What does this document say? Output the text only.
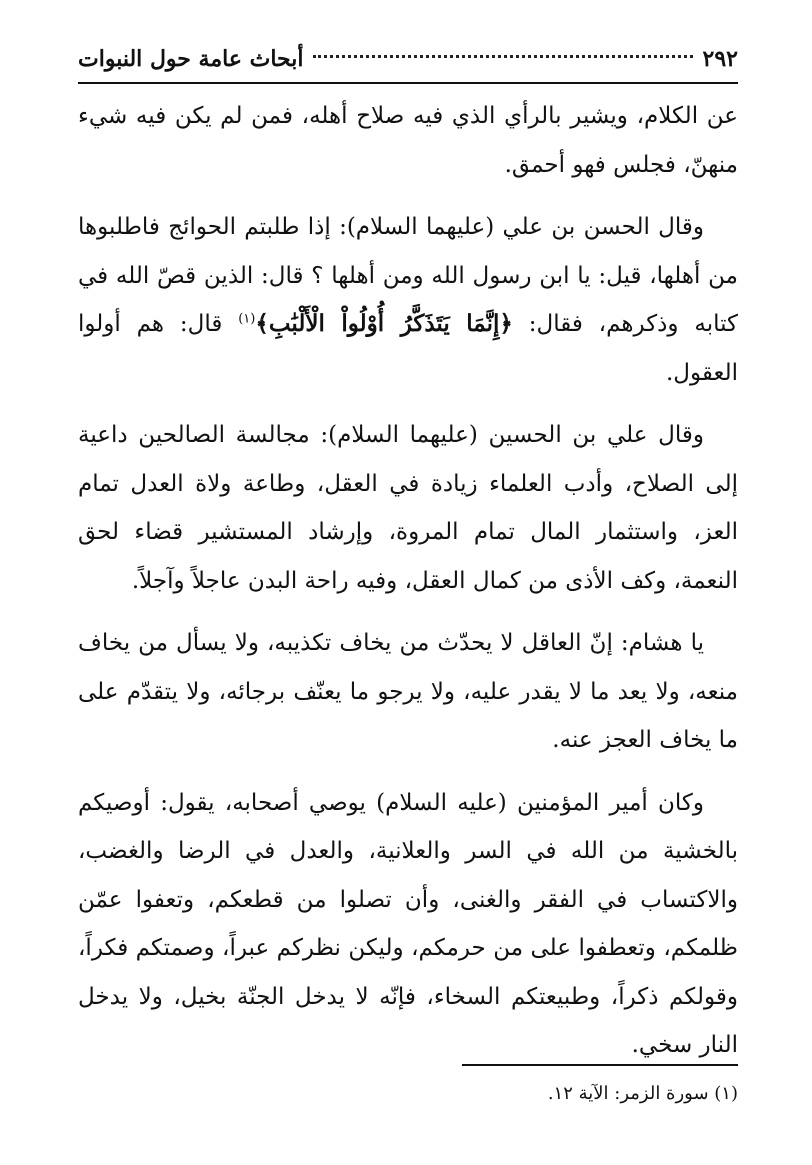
٢٩٢
أبحاث عامة حول النبوات

عن الكلام، ويشير بالرأي الذي فيه صلاح أهله، فمن لم يكن فيه شيء منهنّ، فجلس فهو أحمق.

وقال الحسن بن علي (عليهما السلام): إذا طلبتم الحوائج فاطلبوها من أهلها، قيل: يا ابن رسول الله ومن أهلها ؟ قال: الذين قصّ الله في كتابه وذكرهم، فقال: ﴿إِنَّمَا يَتَذَكَّرُ أُوْلُواْ الْأَلْبَٰبِ﴾$^{(١)}$ قال: هم أولوا العقول.

وقال علي بن الحسين (عليهما السلام): مجالسة الصالحين داعية إلى الصلاح، وأدب العلماء زيادة في العقل، وطاعة ولاة العدل تمام العز، واستثمار المال تمام المروة، وإرشاد المستشير قضاء لحق النعمة، وكف الأذى من كمال العقل، وفيه راحة البدن عاجلاً وآجلاً.

يا هشام: إنّ العاقل لا يحدّث من يخاف تكذيبه، ولا يسأل من يخاف منعه، ولا يعد ما لا يقدر عليه، ولا يرجو ما يعنّف برجائه، ولا يتقدّم على ما يخاف العجز عنه.

وكان أمير المؤمنين (عليه السلام) يوصي أصحابه، يقول: أوصيكم بالخشية من الله في السر والعلانية، والعدل في الرضا والغضب، والاكتساب في الفقر والغنى، وأن تصلوا من قطعكم، وتعفوا عمّن ظلمكم، وتعطفوا على من حرمكم، وليكن نظركم عبراً، وصمتكم فكراً، وقولكم ذكراً، وطبيعتكم السخاء، فإنّه لا يدخل الجنّة بخيل، ولا يدخل النار سخي.

(١) سورة الزمر: الآية ١٢.
